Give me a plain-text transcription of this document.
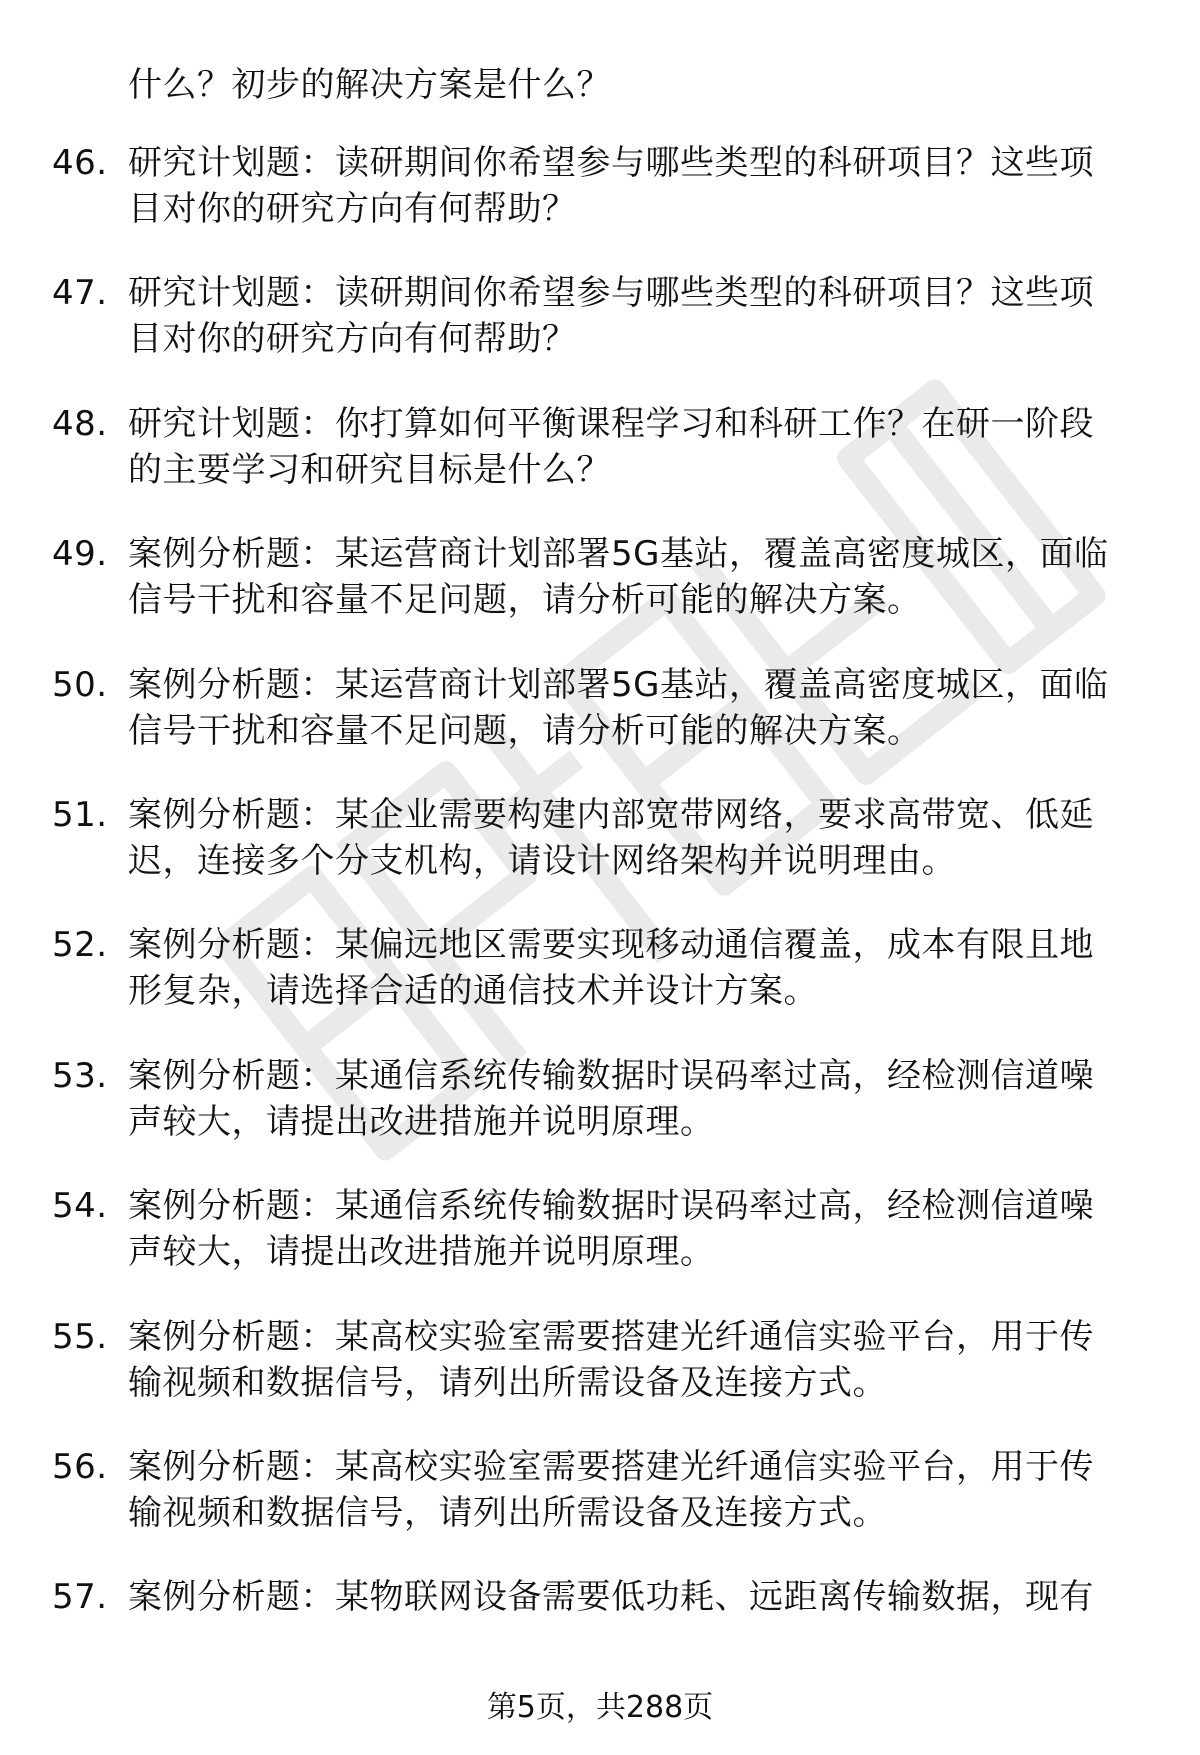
什么？初步的解决方案是什么？
46. 研究计划题：读研期间你希望参与哪些类型的科研项目？这些项
目对你的研究方向有何帮助？
47. 研究计划题：读研期间你希望参与哪些类型的科研项目？这些项
目对你的研究方向有何帮助？
48. 研究计划题：你打算如何平衡课程学习和科研工作？在研一阶段
的主要学习和研究目标是什么？
49. 案例分析题：某运营商计划部署5G基站，覆盖高密度城区，面临
信号干扰和容量不足问题，请分析可能的解决方案。
50. 案例分析题：某运营商计划部署5G基站，覆盖高密度城区，面临
信号干扰和容量不足问题，请分析可能的解决方案。
51. 案例分析题：某企业需要构建内部宽带网络，要求高带宽、低延
迟，连接多个分支机构，请设计网络架构并说明理由。
52. 案例分析题：某偏远地区需要实现移动通信覆盖，成本有限且地
形复杂，请选择合适的通信技术并设计方案。
53. 案例分析题：某通信系统传输数据时误码率过高，经检测信道噪
声较大，请提出改进措施并说明原理。
54. 案例分析题：某通信系统传输数据时误码率过高，经检测信道噪
声较大，请提出改进措施并说明原理。
55. 案例分析题：某高校实验室需要搭建光纤通信实验平台，用于传
输视频和数据信号，请列出所需设备及连接方式。
56. 案例分析题：某高校实验室需要搭建光纤通信实验平台，用于传
输视频和数据信号，请列出所需设备及连接方式。
57. 案例分析题：某物联网设备需要低功耗、远距离传输数据，现有
第5页，共288页
